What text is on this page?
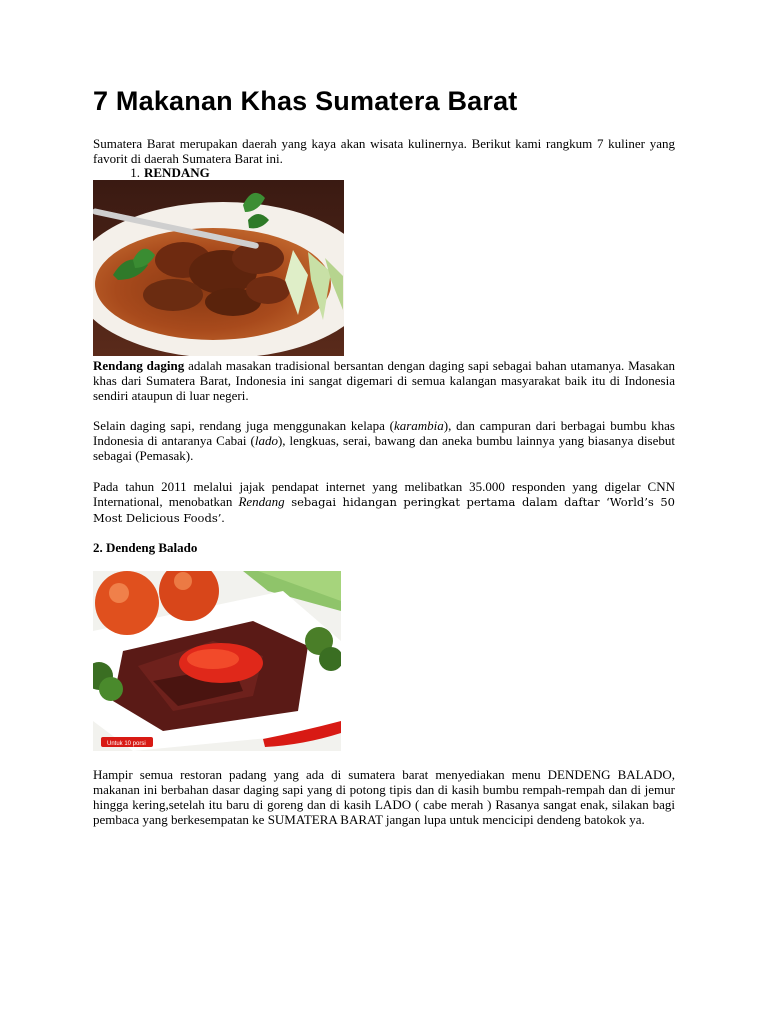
7 Makanan Khas Sumatera Barat

Sumatera Barat merupakan daerah yang kaya akan wisata kulinernya. Berikut kami rangkum 7 kuliner yang favorit di daerah Sumatera Barat ini.

1. RENDANG

Rendang daging adalah masakan tradisional bersantan dengan daging sapi sebagai bahan utamanya. Masakan khas dari Sumatera Barat, Indonesia ini sangat digemari di semua kalangan masyarakat baik itu di Indonesia sendiri ataupun di luar negeri.

Selain daging sapi, rendang juga menggunakan kelapa (karambia), dan campuran dari berbagai bumbu khas Indonesia di antaranya Cabai (lado), lengkuas, serai, bawang dan aneka bumbu lainnya yang biasanya disebut sebagai (Pemasak).

Pada tahun 2011 melalui jajak pendapat internet yang melibatkan 35.000 responden yang digelar CNN International, menobatkan Rendang sebagai hidangan peringkat pertama dalam daftar ‘World’s 50 Most Delicious Foods’.

2. Dendeng Balado
Untuk 10 porsi

Hampir semua restoran padang yang ada di sumatera barat menyediakan menu DENDENG BALADO, makanan ini berbahan dasar daging sapi yang di potong tipis dan di kasih bumbu rempah-rempah dan di jemur hingga kering,setelah itu baru di goreng dan di kasih LADO ( cabe merah ) Rasanya sangat enak, silakan bagi pembaca yang berkesempatan ke SUMATERA BARAT jangan lupa untuk mencicipi dendeng batokok ya.
